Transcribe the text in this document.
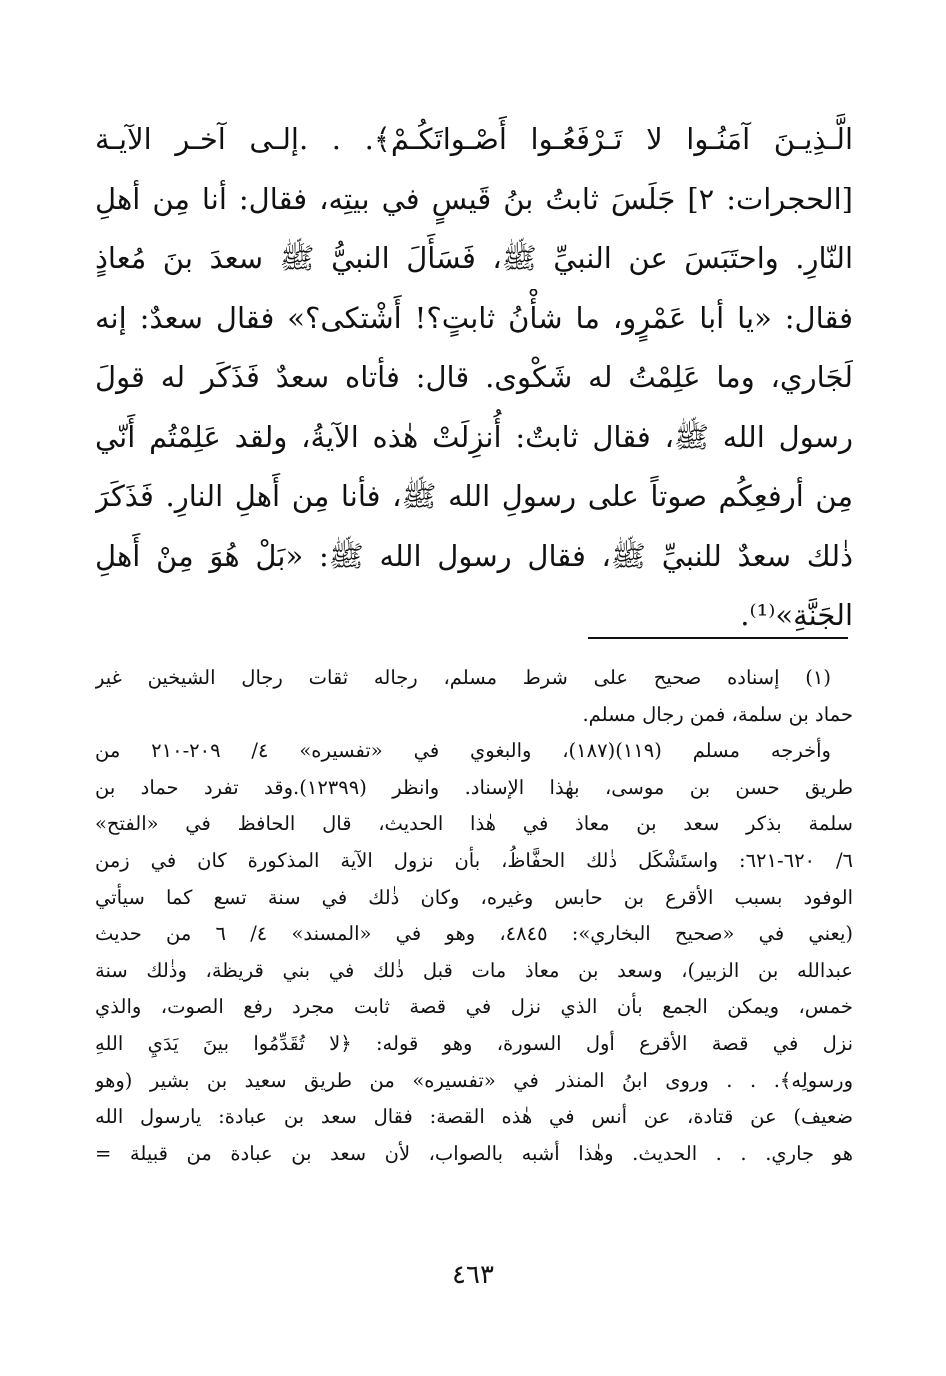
الَّـذِيـنَ آمَنُـوا لا تَـرْفَعُـوا أَصْـواتَكُـمْ﴾. . .إلـى آخـر الآيـة
[الحجرات: ٢] جَلَسَ ثابتُ بنُ قَيسٍ في بيتِه، فقال: أنا مِن أهلِ
النّارِ. واحتَبَسَ عن النبيِّ ﷺ، فَسَأَلَ النبيُّ ﷺ سعدَ بنَ مُعاذٍ
فقال: «يا أبا عَمْرٍو، ما شأْنُ ثابتٍ؟! أَشْتكى؟» فقال سعدٌ: إنه
لَجَاري، وما عَلِمْتُ له شَكْوى. قال: فأتاه سعدٌ فَذَكَر له قولَ
رسول الله ﷺ، فقال ثابتٌ: أُنزِلَتْ هٰذه الآيةُ، ولقد عَلِمْتُم أَنّي
مِن أرفعِكُم صوتاً على رسولِ الله ﷺ، فأنا مِن أَهلِ النارِ. فَذَكَرَ
ذٰلك سعدٌ للنبيِّ ﷺ، فقال رسول الله ﷺ: «بَلْ هُوَ مِنْ أَهلِ
الجَنَّةِ»⁽¹⁾.
(١) إسناده صحيح على شرط مسلم، رجاله ثقات رجال الشيخين غير
حماد بن سلمة، فمن رجال مسلم.
وأخرجه مسلم (١١٩)(١٨٧)، والبغوي في «تفسيره» ٤/ ٢٠٩-٢١٠ من
طريق حسن بن موسى، بهٰذا الإسناد. وانظر (١٢٣٩٩).وقد تفرد حماد بن
سلمة بذكر سعد بن معاذ في هٰذا الحديث، قال الحافظ في «الفتح»
٦/ ٦٢٠-٦٢١: واستَشْكَل ذٰلك الحفَّاظُ، بأن نزول الآية المذكورة كان في زمن
الوفود بسبب الأقرع بن حابس وغيره، وكان ذٰلك في سنة تسع كما سيأتي
(يعني في «صحيح البخاري»: ٤٨٤٥، وهو في «المسند» ٤/ ٦ من حديث
عبدالله بن الزبير)، وسعد بن معاذ مات قبل ذٰلك في بني قريظة، وذٰلك سنة
خمس، ويمكن الجمع بأن الذي نزل في قصة ثابت مجرد رفع الصوت، والذي
نزل في قصة الأقرع أول السورة، وهو قوله: ﴿لا تُقَدِّمُوا بينَ يَدَيِ اللهِ
ورسولِه﴾. . . وروى ابنُ المنذر في «تفسيره» من طريق سعيد بن بشير (وهو
ضعيف) عن قتادة، عن أنس في هٰذه القصة: فقال سعد بن عبادة: يارسول الله
هو جاري. . . الحديث. وهٰذا أشبه بالصواب، لأن سعد بن عبادة من قبيلة =
٤٦٣
